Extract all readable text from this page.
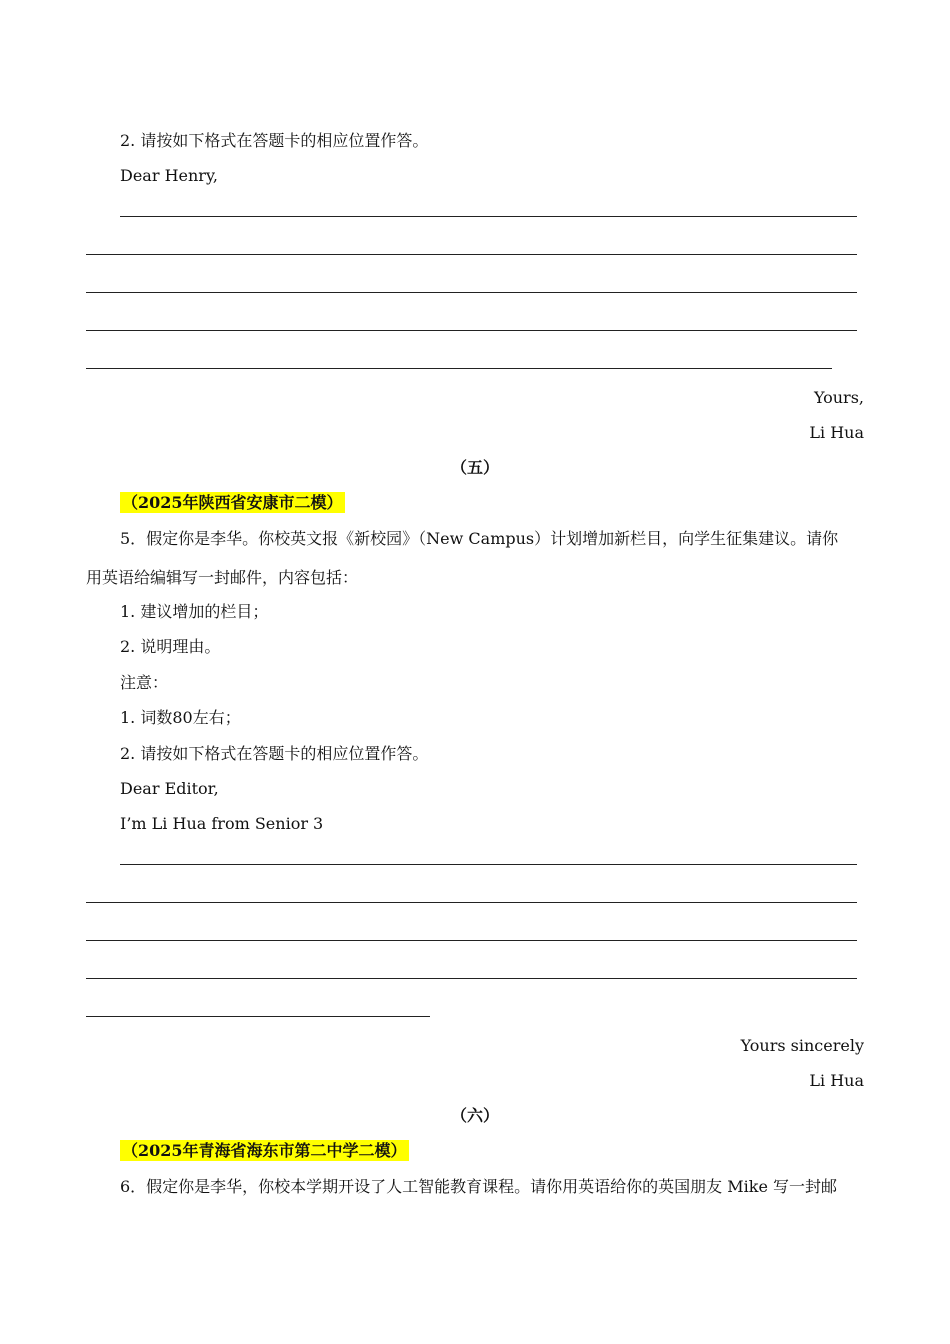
2. 请按如下格式在答题卡的相应位置作答。
Dear Henry,
Yours,
Li Hua
（五）
（2025年陕西省安康市二模）
5．假定你是李华。你校英文报《新校园》（New Campus）计划增加新栏目，向学生征集建议。请你
用英语给编辑写一封邮件，内容包括：
1. 建议增加的栏目；
2. 说明理由。
注意：
1. 词数80左右；
2. 请按如下格式在答题卡的相应位置作答。
Dear Editor,
I’m Li Hua from Senior 3
Yours sincerely
Li Hua
（六）
（2025年青海省海东市第二中学二模）
6．假定你是李华，你校本学期开设了人工智能教育课程。请你用英语给你的英国朋友 Mike 写一封邮
